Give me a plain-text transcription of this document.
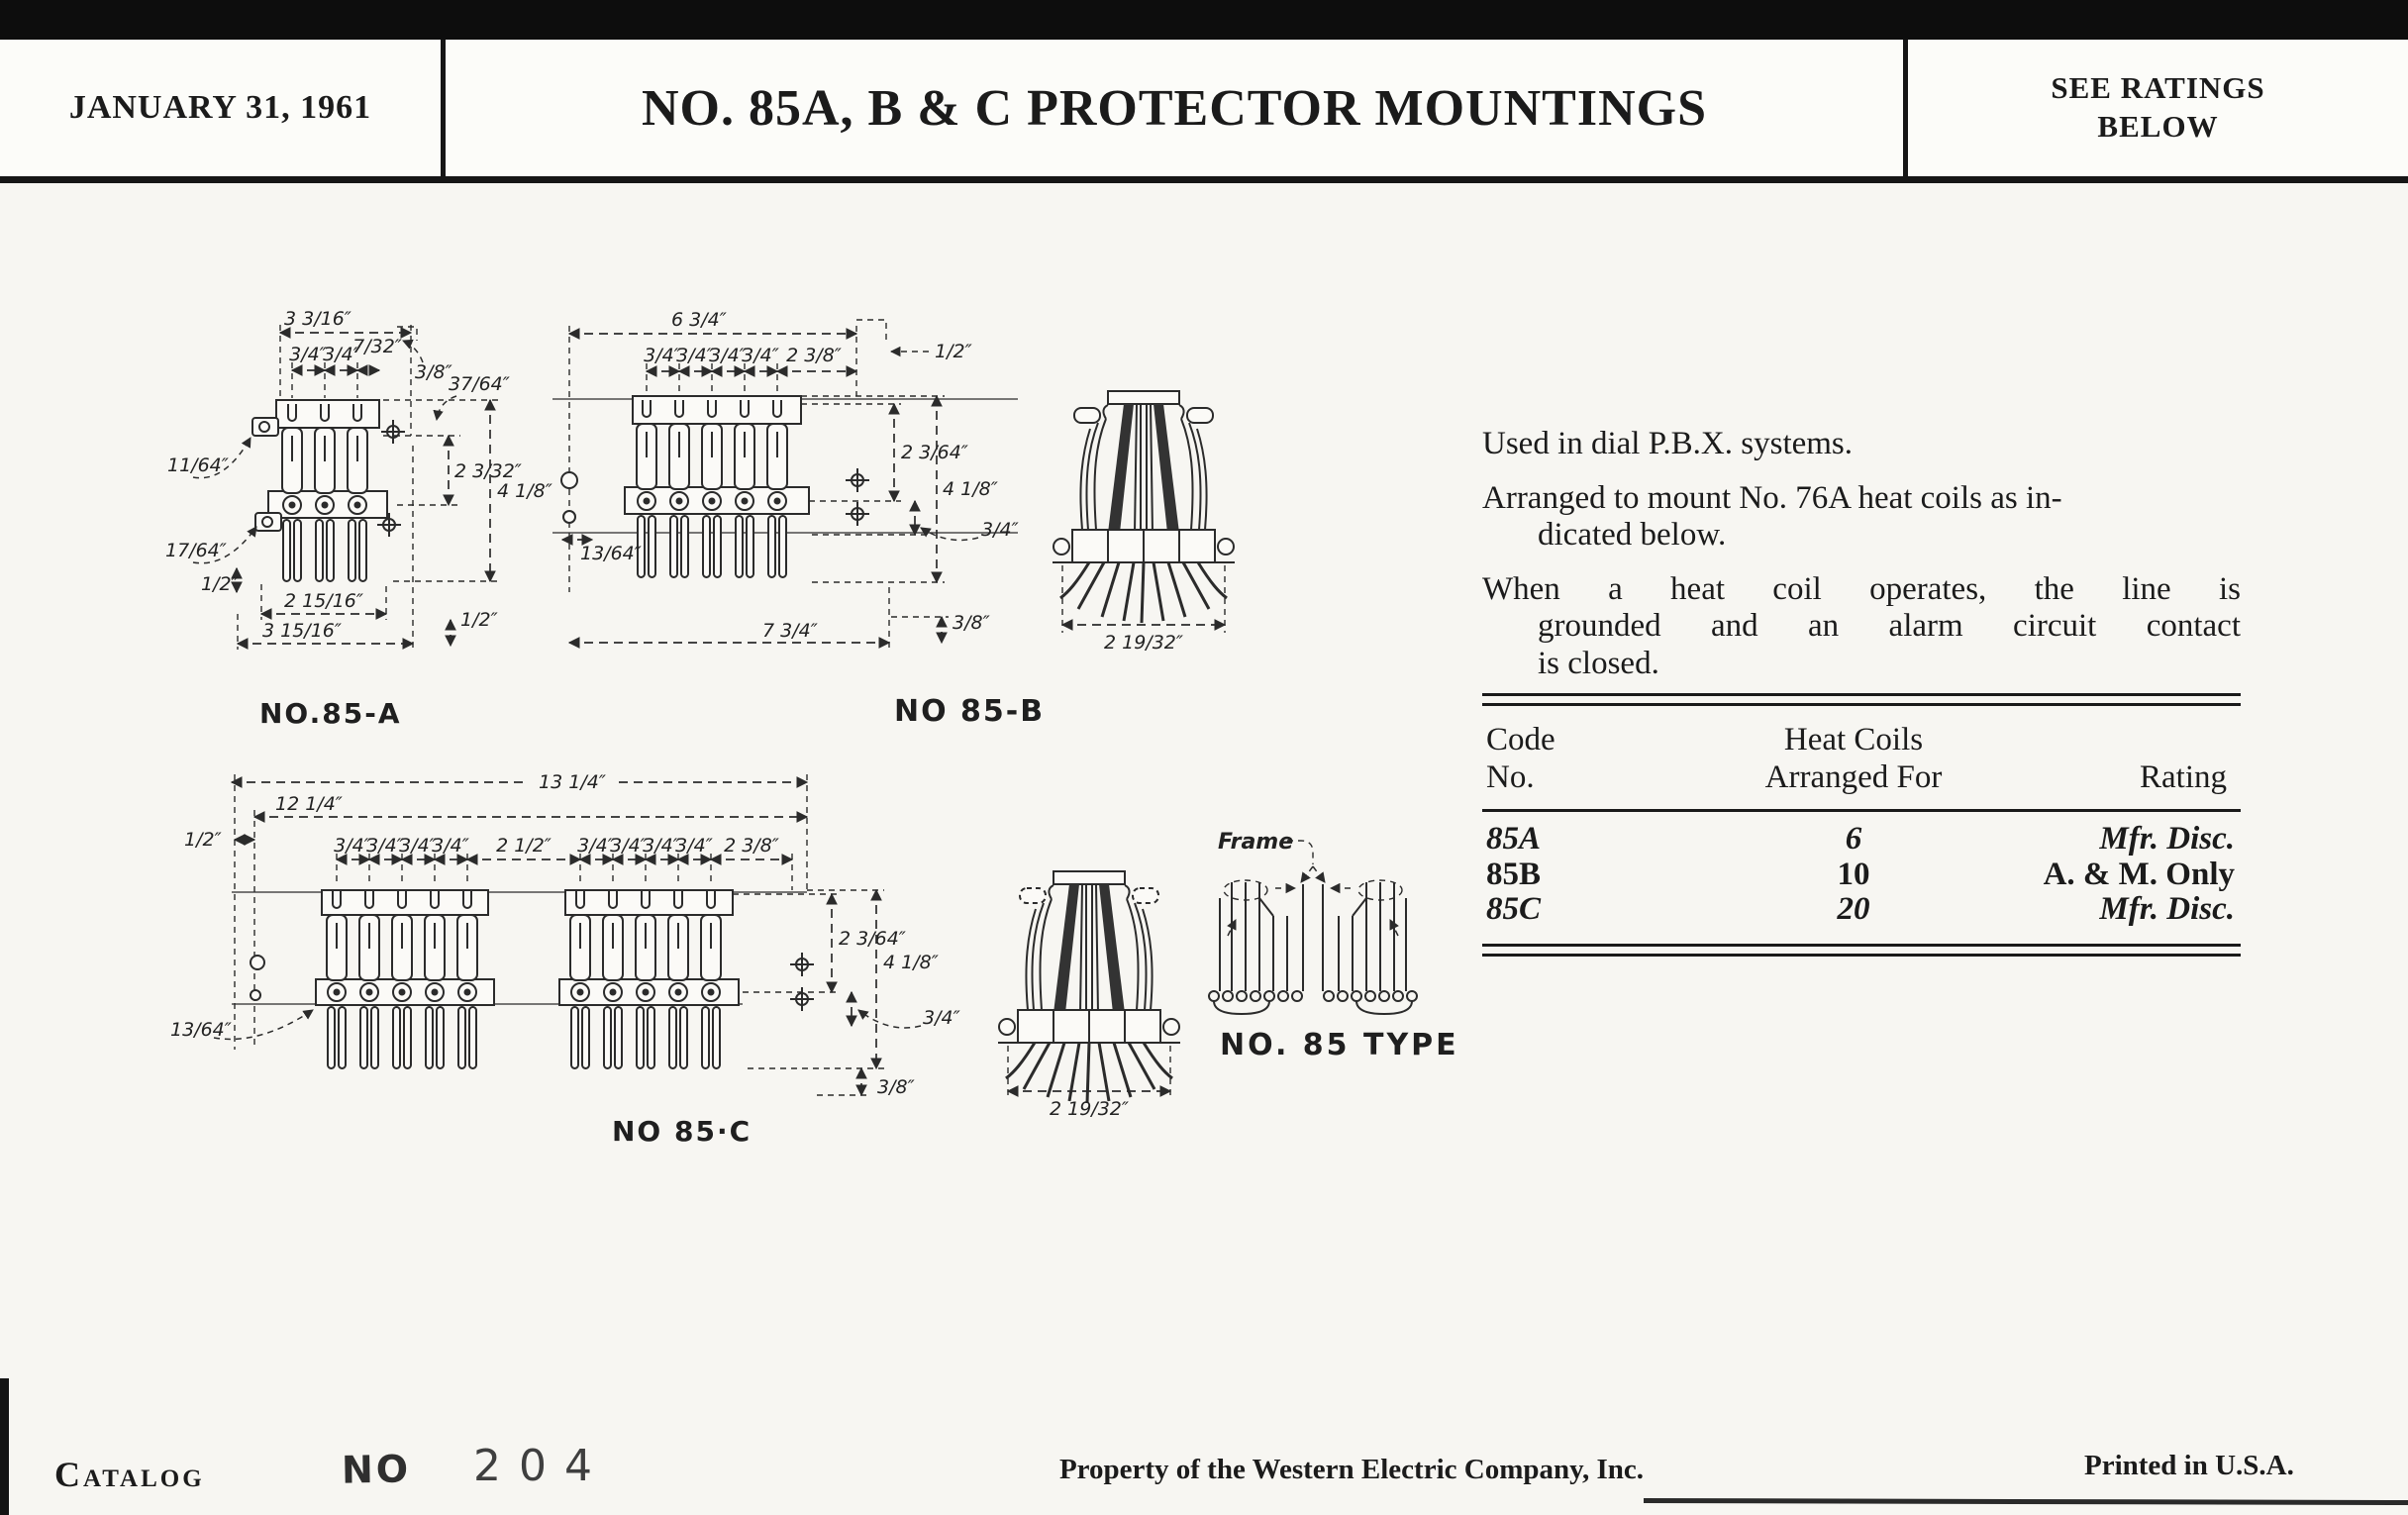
JANUARY 31, 1961	NO. 85A, B & C PROTECTOR MOUNTINGS	SEE RATINGS
BELOW
3 3/16″
3/4″
3/4″
7/32″
3/8″
37/64″
2 3/32″
4 1/8″
11/64″
17/64″
1/2″
2 15/16″
3 15/16″	1/2″
NO.85-A
6 3/4″
1/2″
3/4″
3/4″
3/4″
3/4″ 2 3/8″
2 3/64″
4 1/8″
3/4″
13/64″
7 3/4″	3/8″
NO 85-B
13 1/4″
12 1/4″
1/2″	3/4″
3/4″
3/4″
3/4″ 2 1/2″ 3/4″
3/4″
3/4″
3/4″ 2 3/8″
2 3/64″
4 1/8″
3/4″
3/8″
13/64″
NO 85·C
2 19/32″
2 19/32″
Frame
NO. 85 TYPE
Used in dial P.B.X. systems.
Arranged to mount No. 76A heat coils as in-
dicated below.
When a heat coil operates, the line is
grounded and an alarm circuit contact
is closed.
Code
No.
Heat Coils
Arranged For	Rating
85A	6	Mfr. Disc.
85B	10	A. & M. Only
85C	20	Mfr. Disc.
Catalog	NO 204	Property of the Western Electric Company, Inc.	Printed in U.S.A.
